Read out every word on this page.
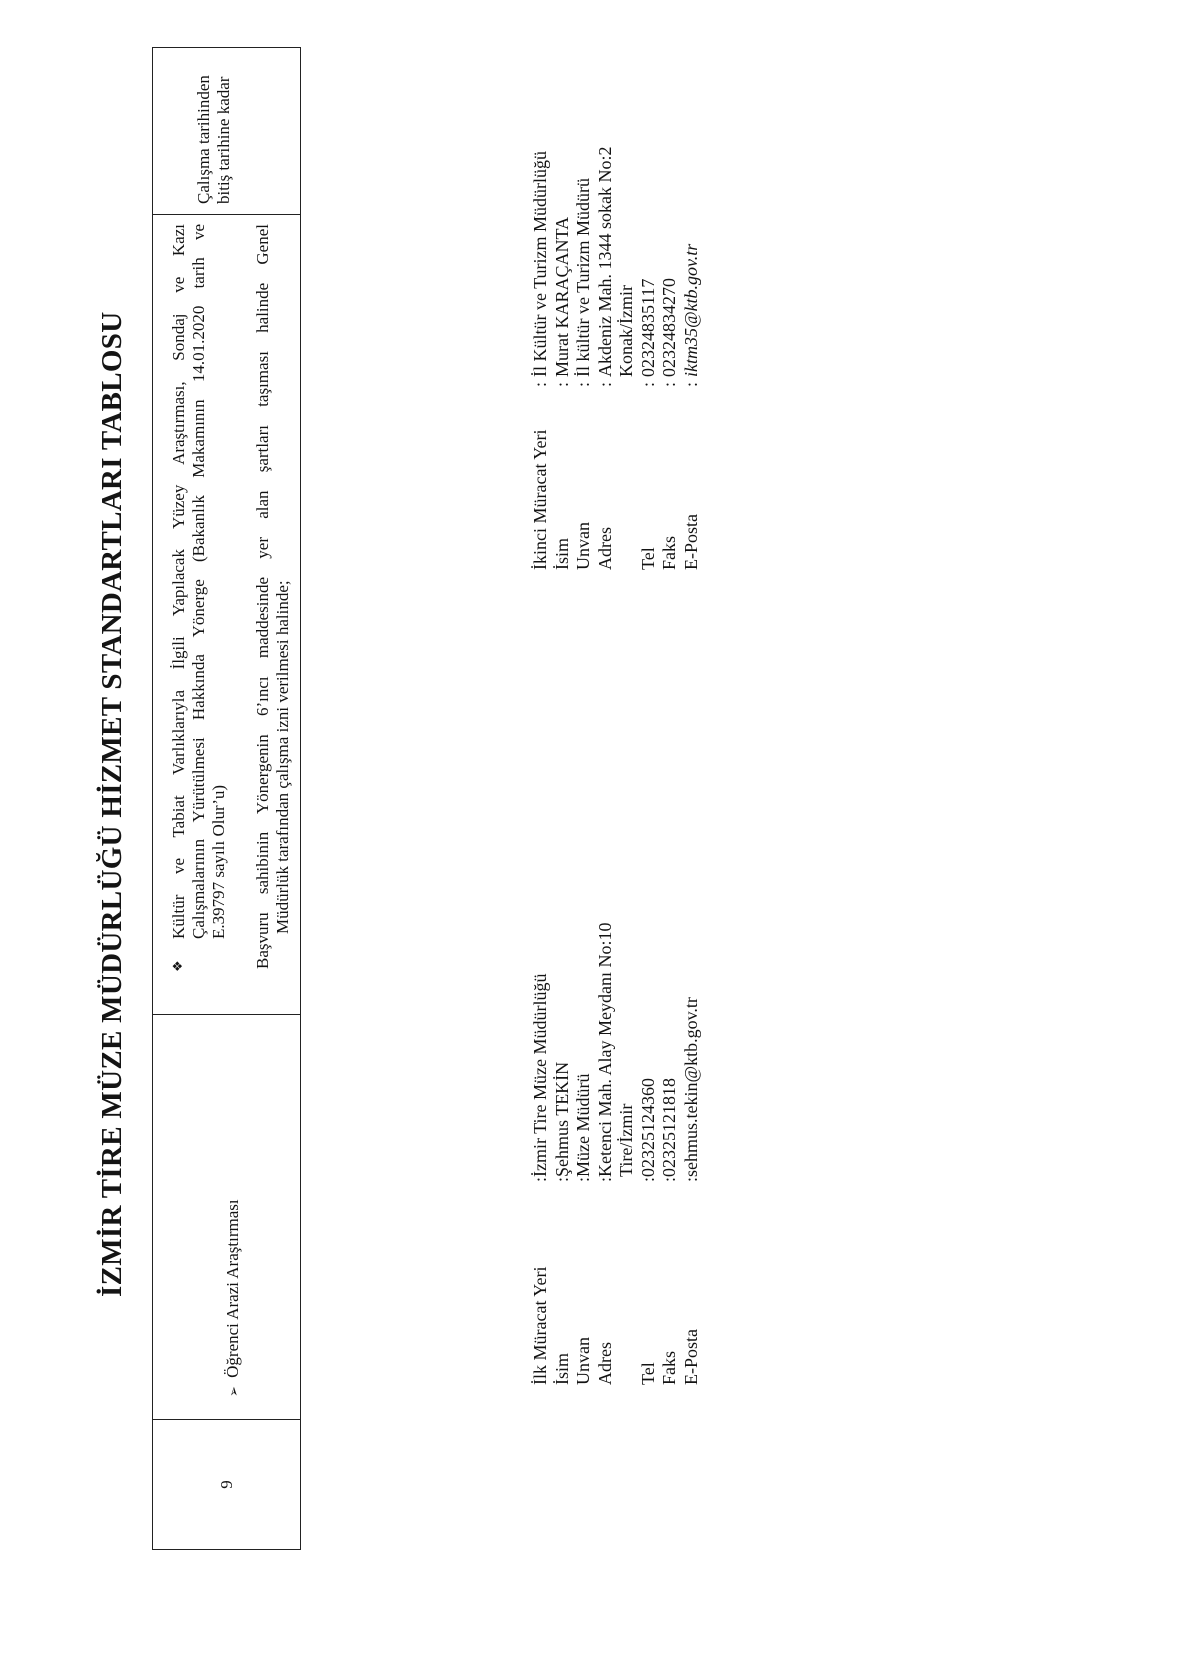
İZMİR TİRE MÜZE MÜDÜRLÜĞÜ HİZMET STANDARTLARI TABLOSU
9
➢ Öğrenci Arazi Araştırması
❖
Kültür ve Tabiat Varlıklarıyla İlgili Yapılacak Yüzey Araştırması, Sondaj ve Kazı Çalışmalarının Yürütülmesi Hakkında Yönerge (Bakanlık Makamının 14.01.2020 tarih ve E.39797 sayılı Olur’u) Başvuru sahibinin Yönergenin 6’ıncı maddesinde yer alan şartları taşıması halinde Genel Müdürlük tarafından çalışma izni verilmesi halinde;
Çalışma tarihinden bitiş tarihine kadar
İlk Müracat Yeri
:İzmir Tire Müze Müdürlüğü
İsim
:Şehmus TEKİN
Unvan
:Müze Müdürü
Adres
:Ketenci Mah. Alay Meydanı No:10 Tire/İzmir
Tel
:02325124360
Faks
:02325121818
E-Posta
:sehmus.tekin@ktb.gov.tr
İkinci Müracat Yeri
:İl Kültür ve Turizm Müdürlüğü
İsim
:Murat KARAÇANTA
Unvan
:İl kültür ve Turizm Müdürü
Adres
:Akdeniz Mah. 1344 sokak No:2 Konak/İzmir
Tel
:02324835117
Faks
:02324834270
E-Posta
:iktm35@ktb.gov.tr
